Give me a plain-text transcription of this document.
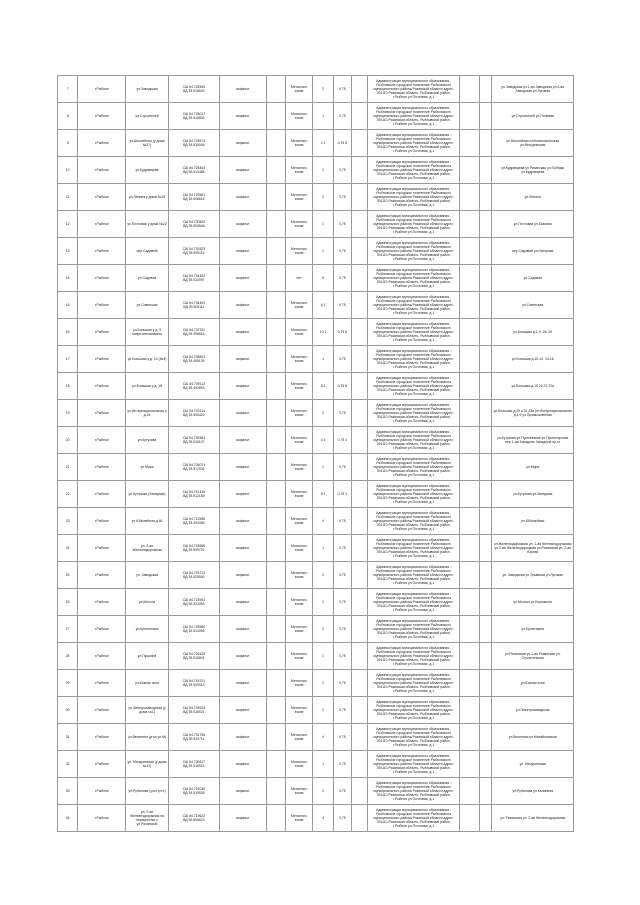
7	г.Рыбное	ул.Заводская	СШ 54.728469
ВД 39.516643	асфальт		Металлич. еские	2	0,75		Администрация муниципального образования - Рыбновское городское поселение Рыбновского муниципального района Рязанской области адрес: 391110 Рязанская область, Рыбновский район, г.Рыбное ул.Почтовая, д.1			ул.Заводская ул.1-ая Заводская ул.2-ая Заводская ул.Луговая
8	г.Рыбное	ул.Строителей	СШ 54.728017
ВД 39.516892	асфальт		Металлич. еские	1	0,75		Администрация муниципального образования - Рыбновское городское поселение Рыбновского муниципального района Рязанской области адрес: 391110 Рязанская область, Рыбновский район, г.Рыбное ул.Почтовая, д.1			ул.Строителей ул.Полевая
9	г.Рыбное	ул.Шоссейная (у дома №27)	СШ 54.728574
ВД 39.519046	асфальт		Металлич. еские	2 1	0,75 8		Администрация муниципального образования - Рыбновское городское поселение Рыбновского муниципального района Рязанской области адрес: 391110 Рязанская область, Рыбновский район, г.Рыбное ул.Почтовая, д.1			ул.Шоссейная пл.Комсомольская ул.Мичуринская
10	г.Рыбное	ул.Кудрявцева	СШ 54.728463
ВД 39.513486	асфальт		Металлич. еские	2	0,75		Администрация муниципального образования - Рыбновское городское поселение Рыбновского муниципального района Рязанской области адрес: 391110 Рязанская область, Рыбновский район, г.Рыбное ул.Почтовая, д.1			ул.Кудрявцева ул.Рязанская ул.Победы ул.Кудрявцева
11	г.Рыбное	ул.Ленина у дома №19	СШ 54.729561
ВД 39.508614	асфальт		Металлич. еские	2	0,75		Администрация муниципального образования - Рыбновское городское поселение Рыбновского муниципального района Рязанской области адрес: 391110 Рязанская область, Рыбновский район, г.Рыбное ул.Почтовая, д.1			ул.Ленина
12	г.Рыбное	ул.Почтовая у дома №22	СШ 54.730502
ВД 39.509546	асфальт		Металлич. еские	1	0,75		Администрация муниципального образования - Рыбновское городское поселение Рыбновского муниципального района Рязанской области адрес: 391110 Рязанская область, Рыбновский район, г.Рыбное ул.Почтовая, д.1			ул.Почтовая ул.Базовая
13	г.Рыбное	пер.Садовый	СШ 54.732823
ВД 39.509115	асфальт		Металлич. еские	1	0,75		Администрация муниципального образования - Рыбновское городское поселение Рыбновского муниципального района Рязанской области адрес: 391110 Рязанская область, Рыбновский район, г.Рыбное ул.Почтовая, д.1			пер.Садовый ул.Нагорная
14	г.Рыбное	ул.Садовая	СШ 54.734452
ВД 39.510097	асфальт		нет	5	0,75		Администрация муниципального образования - Рыбновское городское поселение Рыбновского муниципального района Рязанской области адрес: 391110 Рязанская область, Рыбновский район, г.Рыбное ул.Почтовая, д.1			ул.Садовая
15	г.Рыбное	ул.Советская	СШ 54.734463
ВД 39.505111	асфальт		Металлич. еские	6 1	0,75		Администрация муниципального образования - Рыбновское городское поселение Рыбновского муниципального района Рязанской области адрес: 391110 Рязанская область, Рыбновский район, г.Рыбное ул.Почтовая, д.1			ул.Советская
16	г.Рыбное	ул.Большая у д. 9 напротив магазина	СШ 54.737911
ВД 39.496516	асфальт		Металлич. еские	10 1	0,75 8		Администрация муниципального образования - Рыбновское городское поселение Рыбновского муниципального района Рязанской области адрес: 391110 Рязанская область, Рыбновский район, г.Рыбное ул.Почтовая, д.1			ул.Большая д.1-9, 2а, 2б
17	г.Рыбное	ул.Большая у д. 14 (№4)	СШ 54.738803
ВД 39.495139	асфальт		Металлич. еские	1	0,75		Администрация муниципального образования - Рыбновское городское поселение Рыбновского муниципального района Рязанской области адрес: 391110 Рязанская область, Рыбновский район, г.Рыбное ул.Почтовая, д.1			ул.Большая д.10-12, 14-16
18	г.Рыбное	ул.Большая у д. 18	СШ 54.739112
ВД 39.492893	асфальт		Металлич. еские	8 1	0,75 8		Администрация муниципального образования - Рыбновское городское поселение Рыбновского муниципального района Рязанской области адрес: 391110 Рязанская область, Рыбновский район, г.Рыбное ул.Почтовая, д.1			ул.Большая д.18,20,70,72а
19	г.Рыбное	ул.Интернациональная у д.24	СШ 54.740114
ВД 39.505422	асфальт		Металлич. еские	2	0,75		Администрация муниципального образования - Рыбновское городское поселение Рыбновского муниципального района Рязанской области адрес: 391110 Рязанская область, Рыбновский район, г.Рыбное ул.Почтовая, д.1			ул.Большая д.29 и 31,33а ул.Интернациональная д.1-9 ул.Промышленная
20	г.Рыбное	ул.Кутузова	СШ 54.739384
ВД 39.516107	асфальт		Металлич. еские	4 1	0,75 1		Администрация муниципального образования - Рыбновское городское поселение Рыбновского муниципального района Рязанской области адрес: 391110 Рязанская область, Рыбновский район, г.Рыбное ул.Почтовая, д.1			ул.Кутузова ул.Пугачёвская ул.Пролетарская пер.1-ая Западная Западный пр-кт
21	г.Рыбное	ул.Мира	СШ 54.726074
ВД 39.517932	асфальт		Металлич. еские	1	0,75		Администрация муниципального образования - Рыбновское городское поселение Рыбновского муниципального района Рязанской области адрес: 391110 Рязанская область, Рыбновский район, г.Рыбное ул.Почтовая, д.1			ул.Мира
22	г.Рыбное	ул.Кутузова (Западная)	СШ 54.741418
ВД 39.512189	асфальт		Металлич. еские	8 1	0,75 1		Администрация муниципального образования - Рыбновское городское поселение Рыбновского муниципального района Рязанской области адрес: 391110 Рязанская область, Рыбновский район, г.Рыбное ул.Почтовая, д.1			ул.Кутузова ул.Западная
23	г.Рыбное	ул.Юбилейная д.46	СШ 54.713558
ВД 39.494396	асфальт		Металлич. еские	4	0,75		Администрация муниципального образования - Рыбновское городское поселение Рыбновского муниципального района Рязанской области адрес: 391110 Рязанская область, Рыбновский район, г.Рыбное ул.Почтовая, д.1			ул.Юбилейная
24	г.Рыбное	ул. 2-ая Железнодорожная	СШ 54.718596
ВД 39.509701	асфальт		Металлич. еские	1	0,75		Администрация муниципального образования - Рыбновское городское поселение Рыбновского муниципального района Рязанской области адрес: 391110 Рязанская область, Рыбновский район, г.Рыбное ул.Почтовая, д.1			ул.Железнодорожная ул. 1-ая Железнодорожная ул.2-ая Железнодорожная ул.Рязанская ул. 2-ая Южная
25	г.Рыбное	ул. Заводская	СШ 54.725712
ВД 39.525940	асфальт		Металлич. еские	2	0,75		Администрация муниципального образования - Рыбновское городское поселение Рыбновского муниципального района Рязанской области адрес: 391110 Рязанская область, Рыбновский район, г.Рыбное ул.Почтовая, д.1			ул. Заводская ул.Травяная ул.Луговая
26	г.Рыбное	ул.Молхоз	СШ 54.723903
ВД 39.524393	асфальт		Металлич. еские	2	0,75		Администрация муниципального образования - Рыбновское городское поселение Рыбновского муниципального района Рязанской области адрес: 391110 Рязанская область, Рыбновский район, г.Рыбное ул.Почтовая, д.1			ул.Молхоз ул.Бережного
27	г.Рыбное	ул.Кропоткина	СШ 54.728960
ВД 39.514095	асфальт		Металлич. еские	2	0,75		Администрация муниципального образования - Рыбновское городское поселение Рыбновского муниципального района Рязанской области адрес: 391110 Рязанская область, Рыбновский район, г.Рыбное ул.Почтовая, д.1			ул.Кропоткина
28	г.Рыбное	ул.Пушкина	СШ 54.726425
ВД 39.518001	асфальт		Металлич. еские	1	0,75		Администрация муниципального образования - Рыбновское городское поселение Рыбновского муниципального района Рязанской области адрес: 391110 Рязанская область, Рыбновский район, г.Рыбное ул.Почтовая, д.1			ул.Рязанская ул.1-ая Рязанская ул. Строительная
29	г.Рыбное	ул.Южная зона	СШ 54.718701
ВД 39.520913	асфальт		Металлич. еские	2	0,75		Администрация муниципального образования - Рыбновское городское поселение Рыбновского муниципального района Рязанской области адрес: 391110 Рязанская область, Рыбновский район, г.Рыбное ул.Почтовая, д.1			ул.Южная зона
30	г.Рыбное	ул.Электрозаводская (у дома №1)	СШ 54.733934
ВД 39.518021	асфальт		Металлич. еские	2	0,75		Администрация муниципального образования - Рыбновское городское поселение Рыбновского муниципального района Рязанской области адрес: 391110 Рязанская область, Рыбновский район, г.Рыбное ул.Почтовая, д.1			ул.Электрозаводская
31	г.Рыбное	ул.Весенняя (угол ул.М)	СШ 54.731756
ВД 39.520711	асфальт		Металлич. еские	4	0,75		Администрация муниципального образования - Рыбновское городское поселение Рыбновского муниципального района Рязанской области адрес: 391110 Рязанская область, Рыбновский район, г.Рыбное ул.Почтовая, д.1			ул.Весенняя ул.Михайловская
32	г.Рыбное	ул. Мичуринская (у дома №11)	СШ 54.730817
ВД 39.516921	асфальт		Металлич. еские	1	0,75		Администрация муниципального образования - Рыбновское городское поселение Рыбновского муниципального района Рязанской области адрес: 391110 Рязанская область, Рыбновский район, г.Рыбное ул.Почтовая, д.1			ул. Мичуринская
33	г.Рыбное	ул.Рубинова (угол ул.К)	СШ 54.722030
ВД 39.519926	асфальт		Металлич. еские	2	0,75		Администрация муниципального образования - Рыбновское городское поселение Рыбновского муниципального района Рязанской области адрес: 391110 Рязанская область, Рыбновский район, г.Рыбное ул.Почтовая, д.1			ул.Рубинова ул.Калинина
34	г.Рыбное	ул. 2-ая Железнодорожная на перекрестке с ул.Рязанской	СШ 54.719622
ВД 39.506623	асфальт		Металлич. еские	4	0,75		Администрация муниципального образования - Рыбновское городское поселение Рыбновского муниципального района Рязанской области адрес: 391110 Рязанская область, Рыбновский район, г.Рыбное ул.Почтовая, д.1			ул. Рязанская ул. 2-ая Железнодорожная
